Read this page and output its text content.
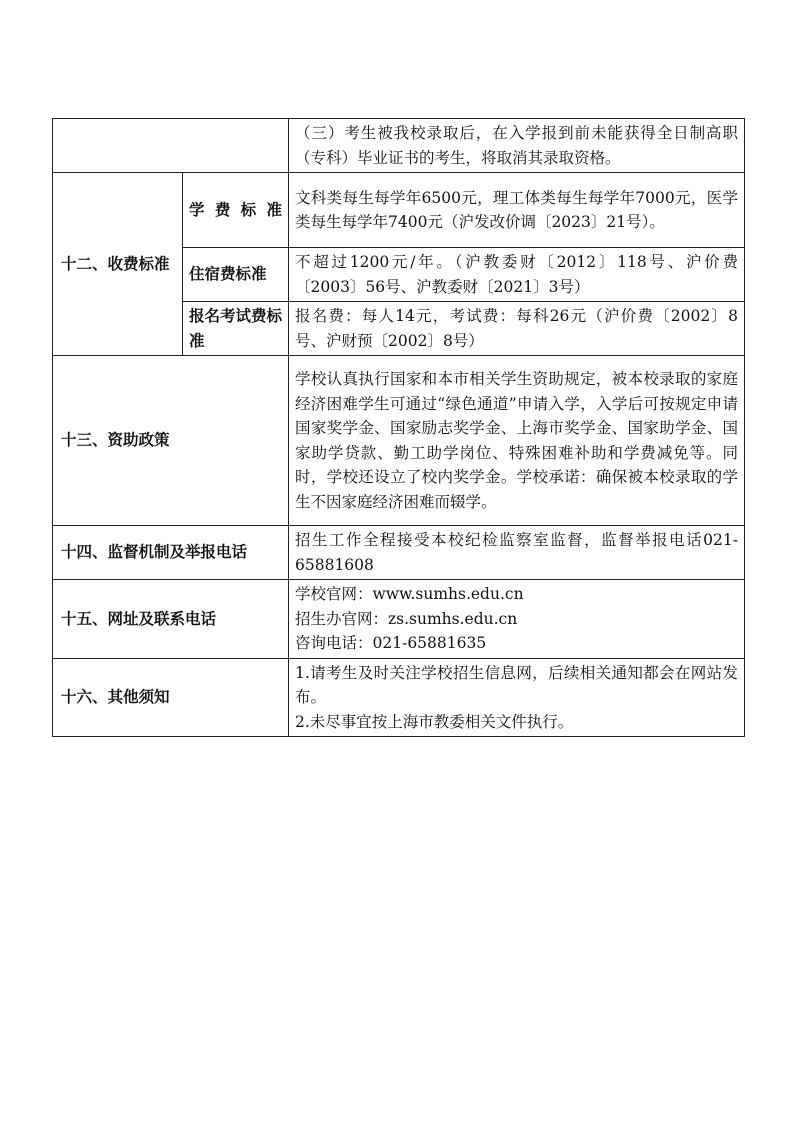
		（三）考生被我校录取后，在入学报到前未能获得全日制高职（专科）毕业证书的考生，将取消其录取资格。
十二、收费标准	学费标准	文科类每生每学年6500元，理工体类每生每学年7000元，医学类每生每学年7400元（沪发改价调〔2023〕21号）。
	住宿费标准	不超过1200元/年。（沪教委财〔2012〕118号、沪价费〔2003〕56号、沪教委财〔2021〕3号）
	报名考试费标准	报名费：每人14元，考试费：每科26元（沪价费〔2002〕8号、沪财预〔2002〕8号）
十三、资助政策		学校认真执行国家和本市相关学生资助规定，被本校录取的家庭经济困难学生可通过“绿色通道”申请入学，入学后可按规定申请国家奖学金、国家励志奖学金、上海市奖学金、国家助学金、国家助学贷款、勤工助学岗位、特殊困难补助和学费减免等。同时，学校还设立了校内奖学金。学校承诺：确保被本校录取的学生不因家庭经济困难而辍学。
十四、监督机制及举报电话		招生工作全程接受本校纪检监察室监督，监督举报电话021-65881608
十五、网址及联系电话		学校官网：www.sumhs.edu.cn
招生办官网：zs.sumhs.edu.cn
咨询电话：021-65881635

十六、其他须知		1.请考生及时关注学校招生信息网，后续相关通知都会在网站发布。
2.未尽事宜按上海市教委相关文件执行。
